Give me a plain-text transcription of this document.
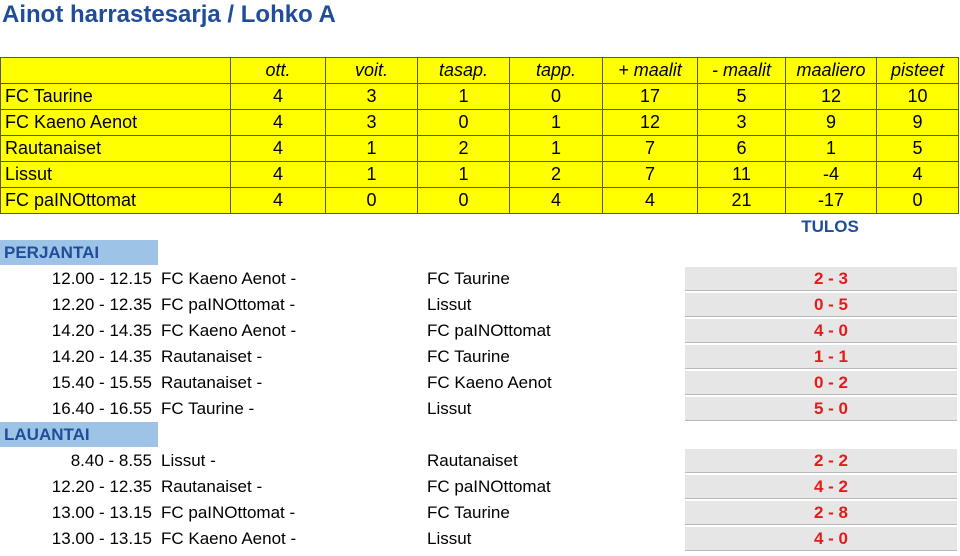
Ainot harrastesarja / Lohko A
	ott.	voit.	tasap.	tapp.	+ maalit	- maalit	maaliero	pisteet
FC Taurine	4	3	1	0	17	5	12	10
FC Kaeno Aenot	4	3	0	1	12	3	9	9
Rautanaiset	4	1	2	1	7	6	1	5
Lissut	4	1	1	2	7	11	-4	4
FC paINOttomat	4	0	0	4	4	21	-17	0
TULOS
PERJANTAI
12.00 - 12.15 FC Kaeno Aenot -	FC Taurine	2 - 3
12.20 - 12.35 FC paINOttomat -	Lissut	0 - 5
14.20 - 14.35 FC Kaeno Aenot -	FC paINOttomat	4 - 0
14.20 - 14.35 Rautanaiset -	FC Taurine	1 - 1
15.40 - 15.55 Rautanaiset -	FC Kaeno Aenot	0 - 2
16.40 - 16.55 FC Taurine -	Lissut	5 - 0
LAUANTAI
8.40 - 8.55 Lissut -	Rautanaiset	2 - 2
12.20 - 12.35 Rautanaiset -	FC paINOttomat	4 - 2
13.00 - 13.15 FC paINOttomat -	FC Taurine	2 - 8
13.00 - 13.15 FC Kaeno Aenot -	Lissut	4 - 0
